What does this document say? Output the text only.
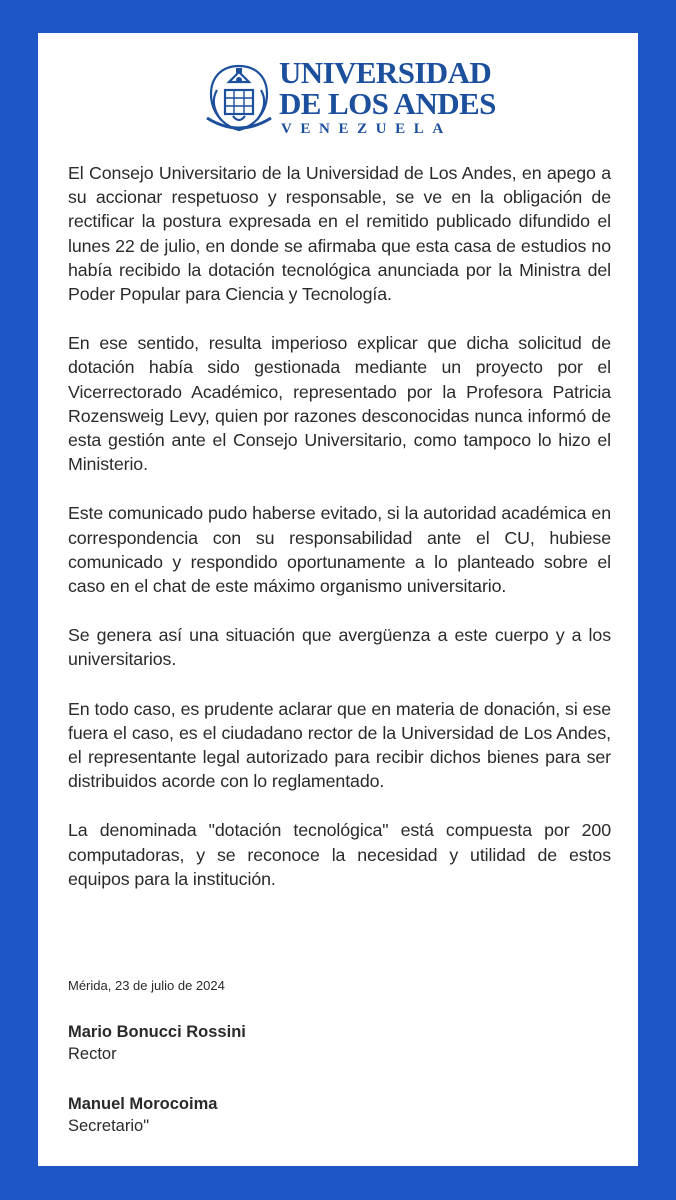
UNIVERSIDAD
DE LOS ANDES
VENEZUELA

El Consejo Universitario de la Universidad de Los Andes, en apego a su accionar respetuoso y responsable, se ve en la obligación de rectificar la postura expresada en el remitido publicado difundido el lunes 22 de julio, en donde se afirmaba que esta casa de estudios no había recibido la dotación tecnológica anunciada por la Ministra del Poder Popular para Ciencia y Tecnología.

En ese sentido, resulta imperioso explicar que dicha solicitud de dotación había sido gestionada mediante un proyecto por el Vicerrectorado Académico, representado por la Profesora Patricia Rozensweig Levy, quien por razones desconocidas nunca informó de esta gestión ante el Consejo Universitario, como tampoco lo hizo el Ministerio.

Este comunicado pudo haberse evitado, si la autoridad académica en correspondencia con su responsabilidad ante el CU, hubiese comunicado y respondido oportunamente a lo planteado sobre el caso en el chat de este máximo organismo universitario.

Se genera así una situación que avergüenza a este cuerpo y a los universitarios.

En todo caso, es prudente aclarar que en materia de donación, si ese fuera el caso, es el ciudadano rector de la Universidad de Los Andes, el representante legal autorizado para recibir dichos bienes para ser distribuidos acorde con lo reglamentado.

La denominada "dotación tecnológica" está compuesta por 200 computadoras, y se reconoce la necesidad y utilidad de estos equipos para la institución.

Mérida, 23 de julio de 2024

Mario Bonucci Rossini
Rector
Manuel Morocoima
Secretario"
